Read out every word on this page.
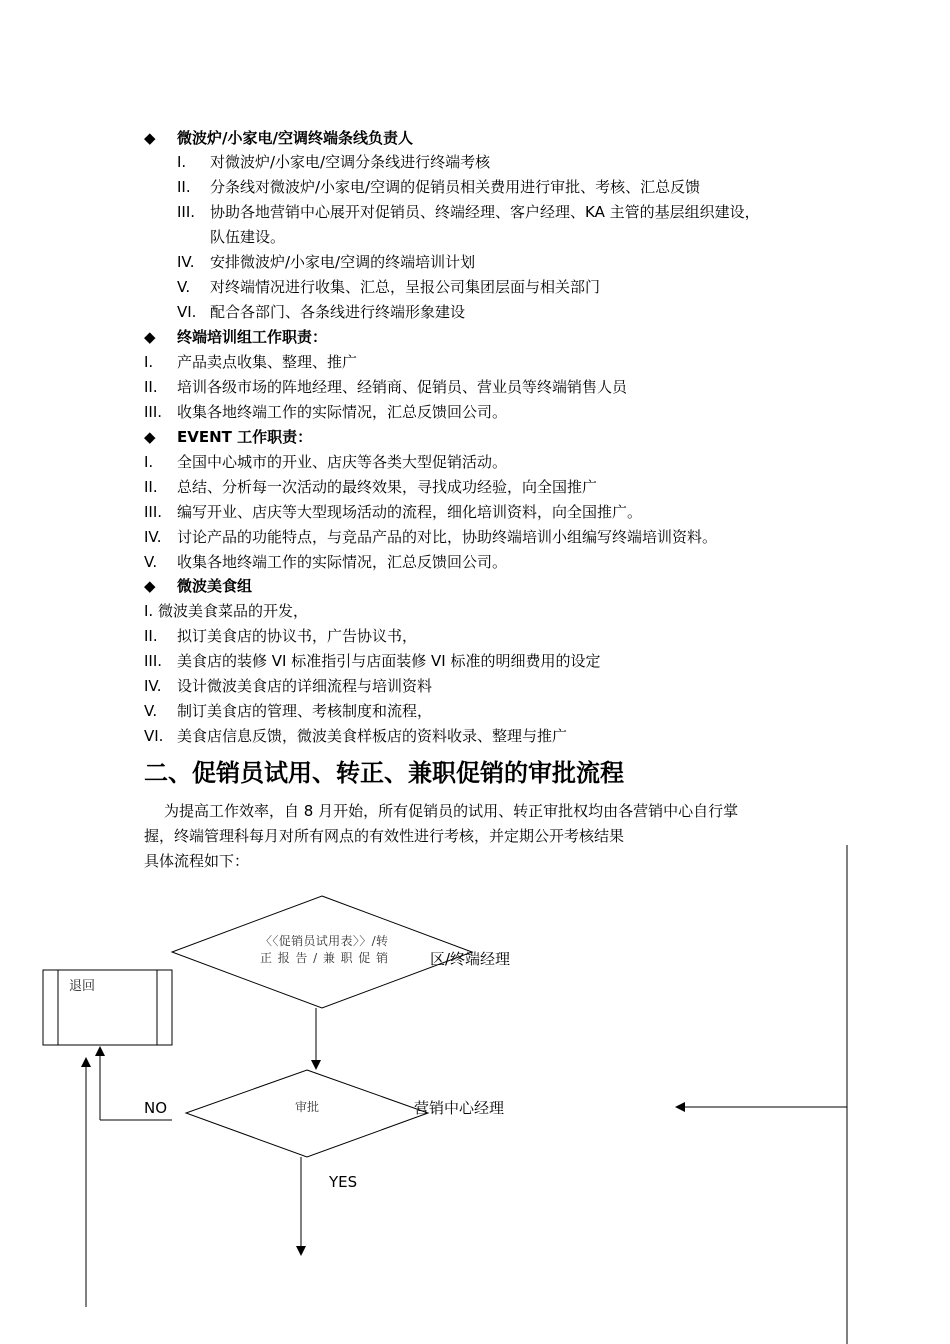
◆ 微波炉/小家电/空调终端条线负责人
I. 对微波炉/小家电/空调分条线进行终端考核
II. 分条线对微波炉/小家电/空调的促销员相关费用进行审批、考核、汇总反馈
III. 协助各地营销中心展开对促销员、终端经理、客户经理、KA 主管的基层组织建设，
队伍建设。
IV. 安排微波炉/小家电/空调的终端培训计划
V. 对终端情况进行收集、汇总，呈报公司集团层面与相关部门
VI. 配合各部门、各条线进行终端形象建设
◆ 终端培训组工作职责：
I. 产品卖点收集、整理、推广
II. 培训各级市场的阵地经理、经销商、促销员、营业员等终端销售人员
III. 收集各地终端工作的实际情况，汇总反馈回公司。
◆ EVENT 工作职责：
I. 全国中心城市的开业、店庆等各类大型促销活动。
II. 总结、分析每一次活动的最终效果，寻找成功经验，向全国推广
III. 编写开业、店庆等大型现场活动的流程，细化培训资料，向全国推广。
IV. 讨论产品的功能特点，与竞品产品的对比，协助终端培训小组编写终端培训资料。
V. 收集各地终端工作的实际情况，汇总反馈回公司。
◆ 微波美食组
I. 微波美食菜品的开发，
II. 拟订美食店的协议书，广告协议书，
III. 美食店的装修 VI 标准指引与店面装修 VI 标准的明细费用的设定
IV. 设计微波美食店的详细流程与培训资料
V. 制订美食店的管理、考核制度和流程，
VI. 美食店信息反馈，微波美食样板店的资料收录、整理与推广
二、促销员试用、转正、兼职促销的审批流程
为提高工作效率，自 8 月开始，所有促销员的试用、转正审批权均由各营销中心自行掌
握，终端管理科每月对所有网点的有效性进行考核，并定期公开考核结果
具体流程如下：
退回
〈〈促销员试用表〉〉/转正报告/兼职促销	区/终端经理
审批	营销中心经理
NO
YES
